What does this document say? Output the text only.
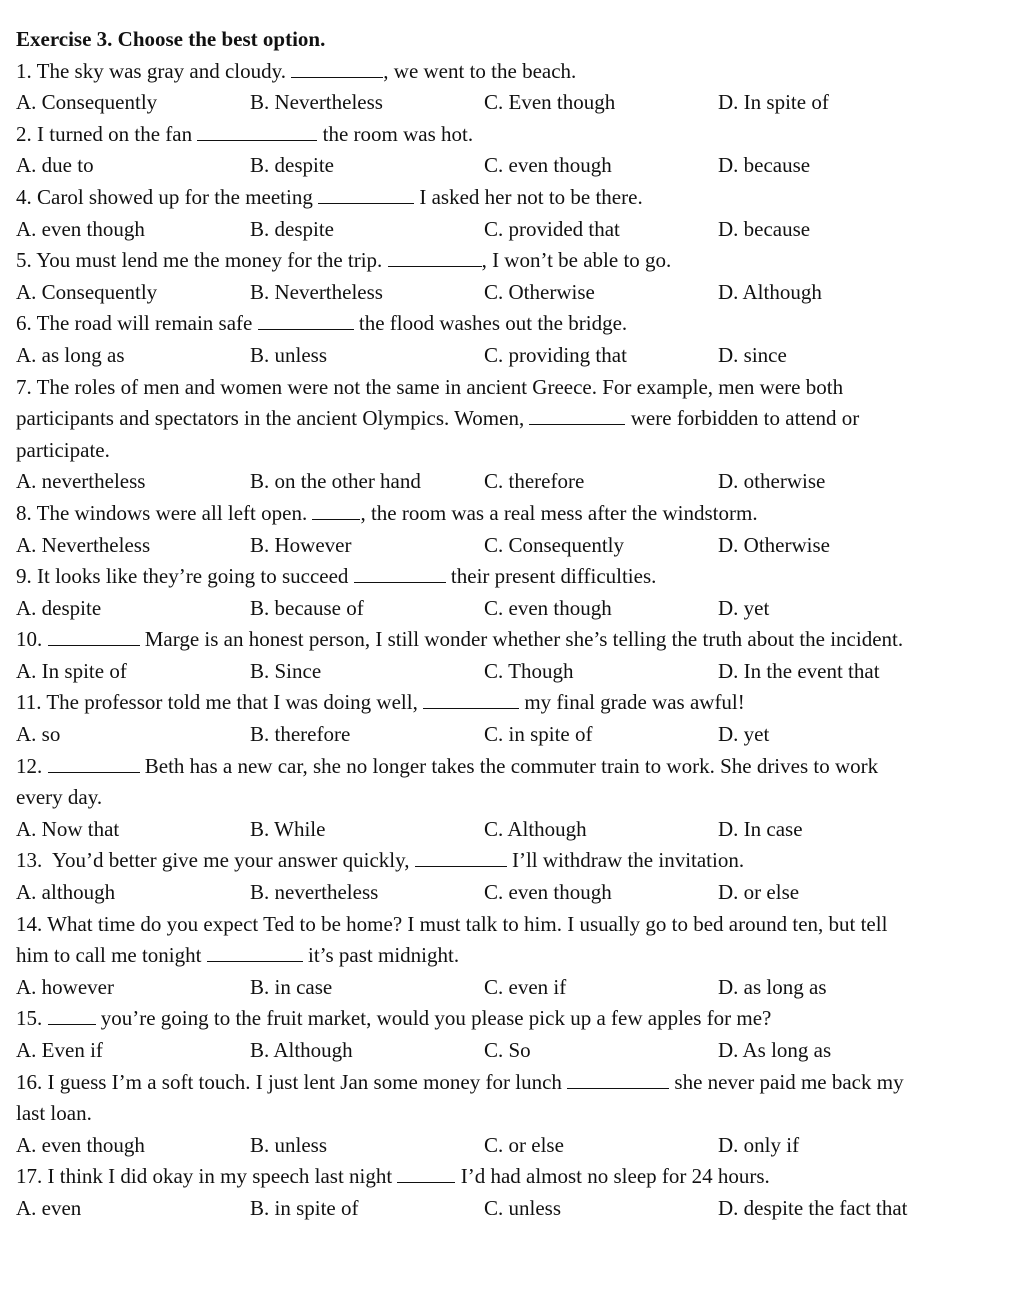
Exercise 3. Choose the best option.
1. The sky was gray and cloudy.	, we went to the beach.
A. Consequently	B. Nevertheless	C. Even though	D. In spite of
2. I turned on the fan	the room was hot.
A. due to	B. despite	C. even though	D. because
4. Carol showed up for the meeting	I asked her not to be there.
A. even though	B. despite	C. provided that	D. because
5. You must lend me the money for the trip.	, I won’t be able to go.
A. Consequently	B. Nevertheless	C. Otherwise	D. Although
6. The road will remain safe	the flood washes out the bridge.
A. as long as	B. unless	C. providing that	D. since
7. The roles of men and women were not the same in ancient Greece. For example, men were both
participants and spectators in the ancient Olympics. Women,	were forbidden to attend or
participate.
A. nevertheless	B. on the other hand	C. therefore	D. otherwise
8. The windows were all left open. , the room was a real mess after the windstorm.
A. Nevertheless	B. However	C. Consequently	D. Otherwise
9. It looks like they’re going to succeed	their present difficulties.
A. despite	B. because of	C. even though	D. yet
10.	Marge is an honest person, I still wonder whether she’s telling the truth about the incident.
A. In spite of	B. Since	C. Though	D. In the event that
11. The professor told me that I was doing well,	my final grade was awful!
A. so	B. therefore	C. in spite of	D. yet
12.	Beth has a new car, she no longer takes the commuter train to work. She drives to work
every day.
A. Now that	B. While	C. Although	D. In case
13.  You’d better give me your answer quickly,	I’ll withdraw the invitation.
A. although	B. nevertheless	C. even though	D. or else
14. What time do you expect Ted to be home? I must talk to him. I usually go to bed around ten, but tell
him to call me tonight	it’s past midnight.
A. however	B. in case	C. even if	D. as long as
15.  you’re going to the fruit market, would you please pick up a few apples for me?
A. Even if	B. Although	C. So	D. As long as
16. I guess I’m a soft touch. I just lent Jan some money for lunch	she never paid me back my
last loan.
A. even though	B. unless	C. or else	D. only if
17. I think I did okay in my speech last night	I’d had almost no sleep for 24 hours.
A. even	B. in spite of	C. unless	D. despite the fact that
